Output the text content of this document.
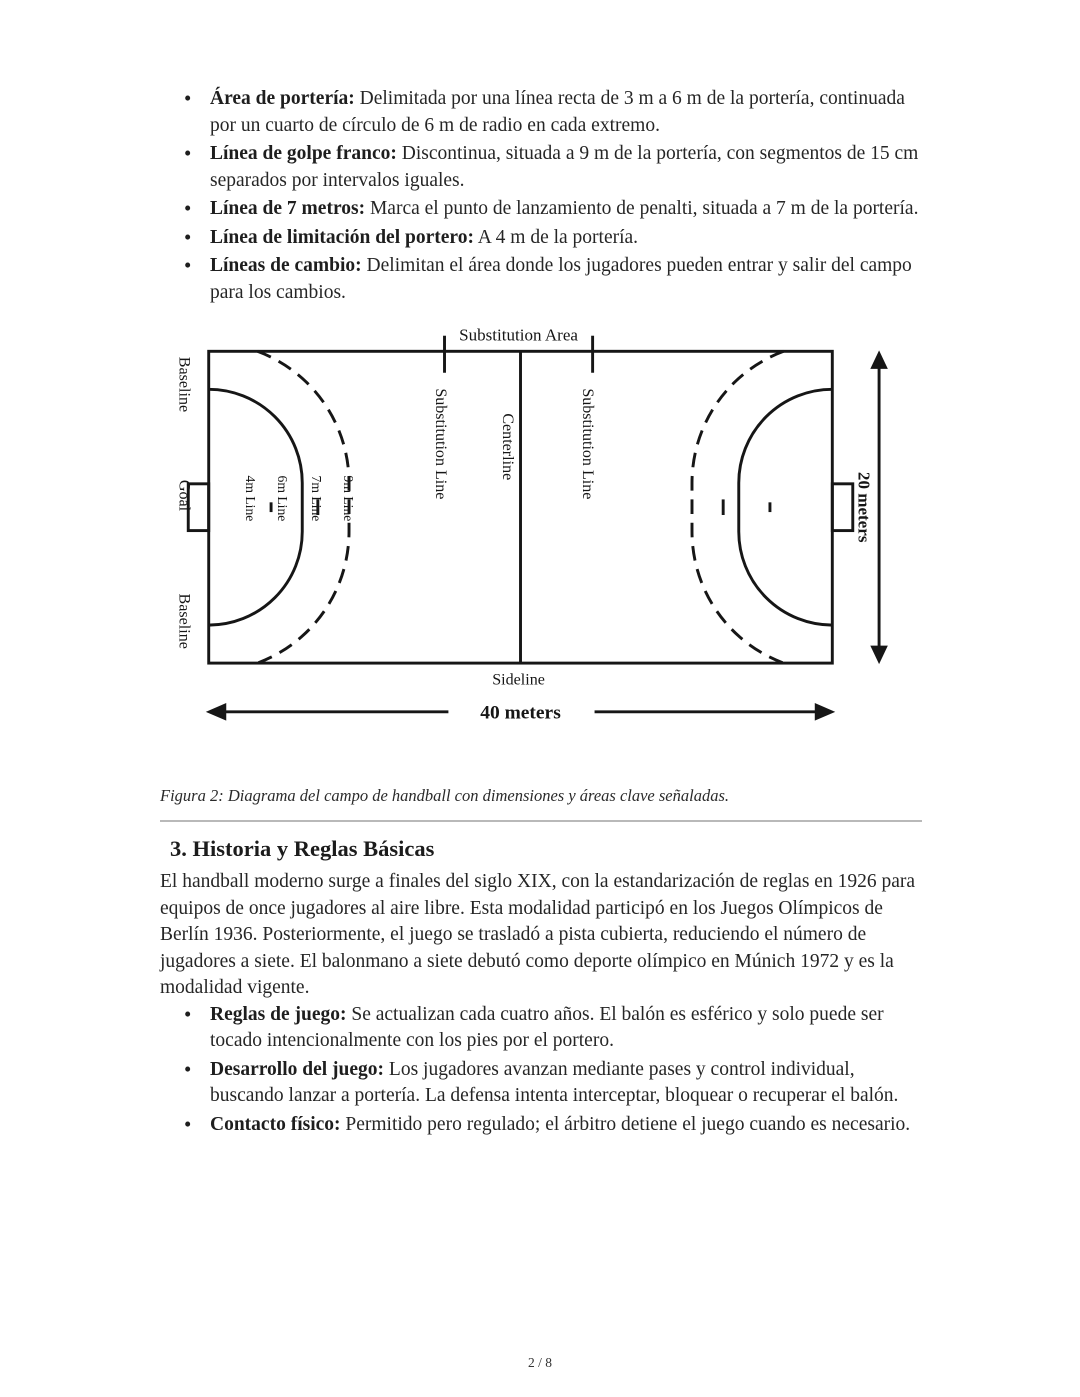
• Área de portería: Delimitada por una línea recta de 3 m a 6 m de la portería, continuada por un cuarto de círculo de 6 m de radio en cada extremo.
• Línea de golpe franco: Discontinua, situada a 9 m de la portería, con segmentos de 15 cm separados por intervalos iguales.
• Línea de 7 metros: Marca el punto de lanzamiento de penalti, situada a 7 m de la portería.
• Línea de limitación del portero: A 4 m de la portería.
• Líneas de cambio: Delimitan el área donde los jugadores pueden entrar y salir del campo para los cambios.
Substitution Area
Baseline
Goal
Baseline
Substitution Line	Substitution Line
Centerline
4m Line 6m Line 7m Line 9m Line
Sideline
20 meters
40 meters
Figura 2: Diagrama del campo de handball con dimensiones y áreas clave señaladas.
3. Historia y Reglas Básicas

El handball moderno surge a finales del siglo XIX, con la estandarización de reglas en 1926 para equipos de once jugadores al aire libre. Esta modalidad participó en los Juegos Olímpicos de Berlín 1936. Posteriormente, el juego se trasladó a pista cubierta, reduciendo el número de jugadores a siete. El balonmano a siete debutó como deporte olímpico en Múnich 1972 y es la modalidad vigente.

• Reglas de juego: Se actualizan cada cuatro años. El balón es esférico y solo puede ser tocado intencionalmente con los pies por el portero.
• Desarrollo del juego: Los jugadores avanzan mediante pases y control individual, buscando lanzar a portería. La defensa intenta interceptar, bloquear o recuperar el balón.
• Contacto físico: Permitido pero regulado; el árbitro detiene el juego cuando es necesario.
2 / 8
